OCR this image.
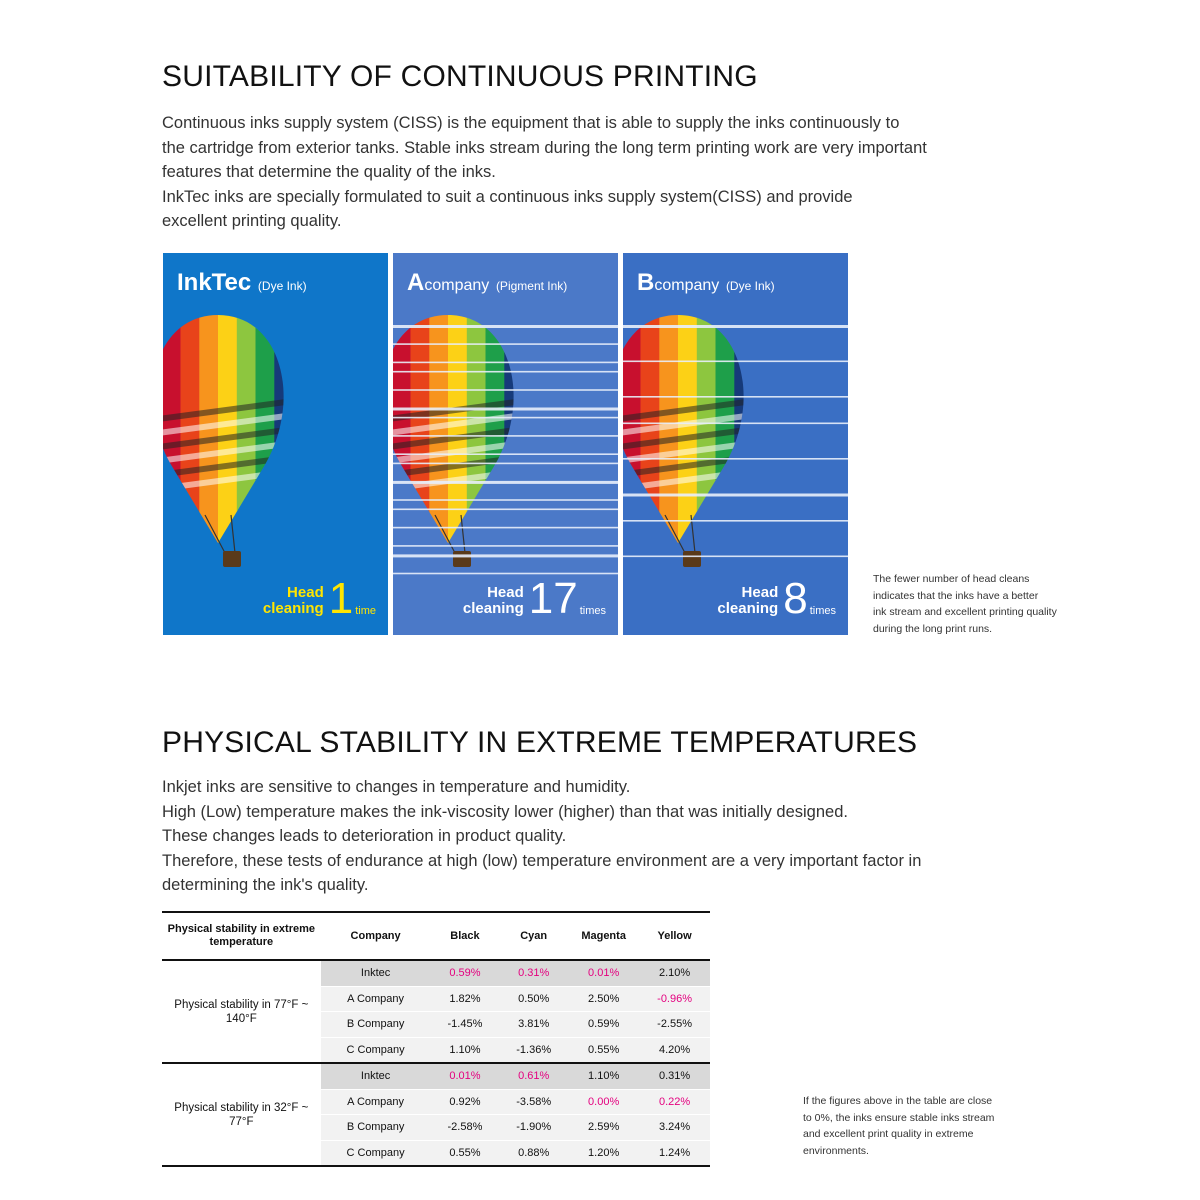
SUITABILITY OF CONTINUOUS PRINTING
Continuous inks supply system (CISS) is the equipment that is able to supply the inks continuously to
the cartridge from exterior tanks. Stable inks stream during the long term printing work are very important
features that determine the quality of the inks.
InkTec inks are specially formulated to suit a continuous inks supply system(CISS) and provide
excellent printing quality.
InkTec (Dye Ink)
Head
cleaning 1 time
Acompany (Pigment Ink)
Head
cleaning 17 times
Bcompany (Dye Ink)
Head
cleaning 8 times
The fewer number of head cleans
indicates that the inks have a better
ink stream and excellent printing quality
during the long print runs.
PHYSICAL STABILITY IN EXTREME TEMPERATURES
Inkjet inks are sensitive to changes in temperature and humidity.
High (Low) temperature makes the ink-viscosity lower (higher) than that was initially designed.
These changes leads to deterioration in product quality.
Therefore, these tests of endurance at high (low) temperature environment are a very important factor in
determining the ink's quality.
Physical stability in extreme temperature	Company	Black	Cyan	Magenta	Yellow
Physical stability in 77°F ~ 140°F	Inktec	0.59%	0.31%	0.01%	2.10%
	A Company	1.82%	0.50%	2.50%	-0.96%
	B Company	-1.45%	3.81%	0.59%	-2.55%
	C Company	1.10%	-1.36%	0.55%	4.20%
Physical stability in 32°F ~ 77°F	Inktec	0.01%	0.61%	1.10%	0.31%
	A Company	0.92%	-3.58%	0.00%	0.22%
	B Company	-2.58%	-1.90%	2.59%	3.24%
	C Company	0.55%	0.88%	1.20%	1.24%
If the figures above in the table are close
to 0%, the inks ensure stable inks stream
and excellent print quality in extreme
environments.
